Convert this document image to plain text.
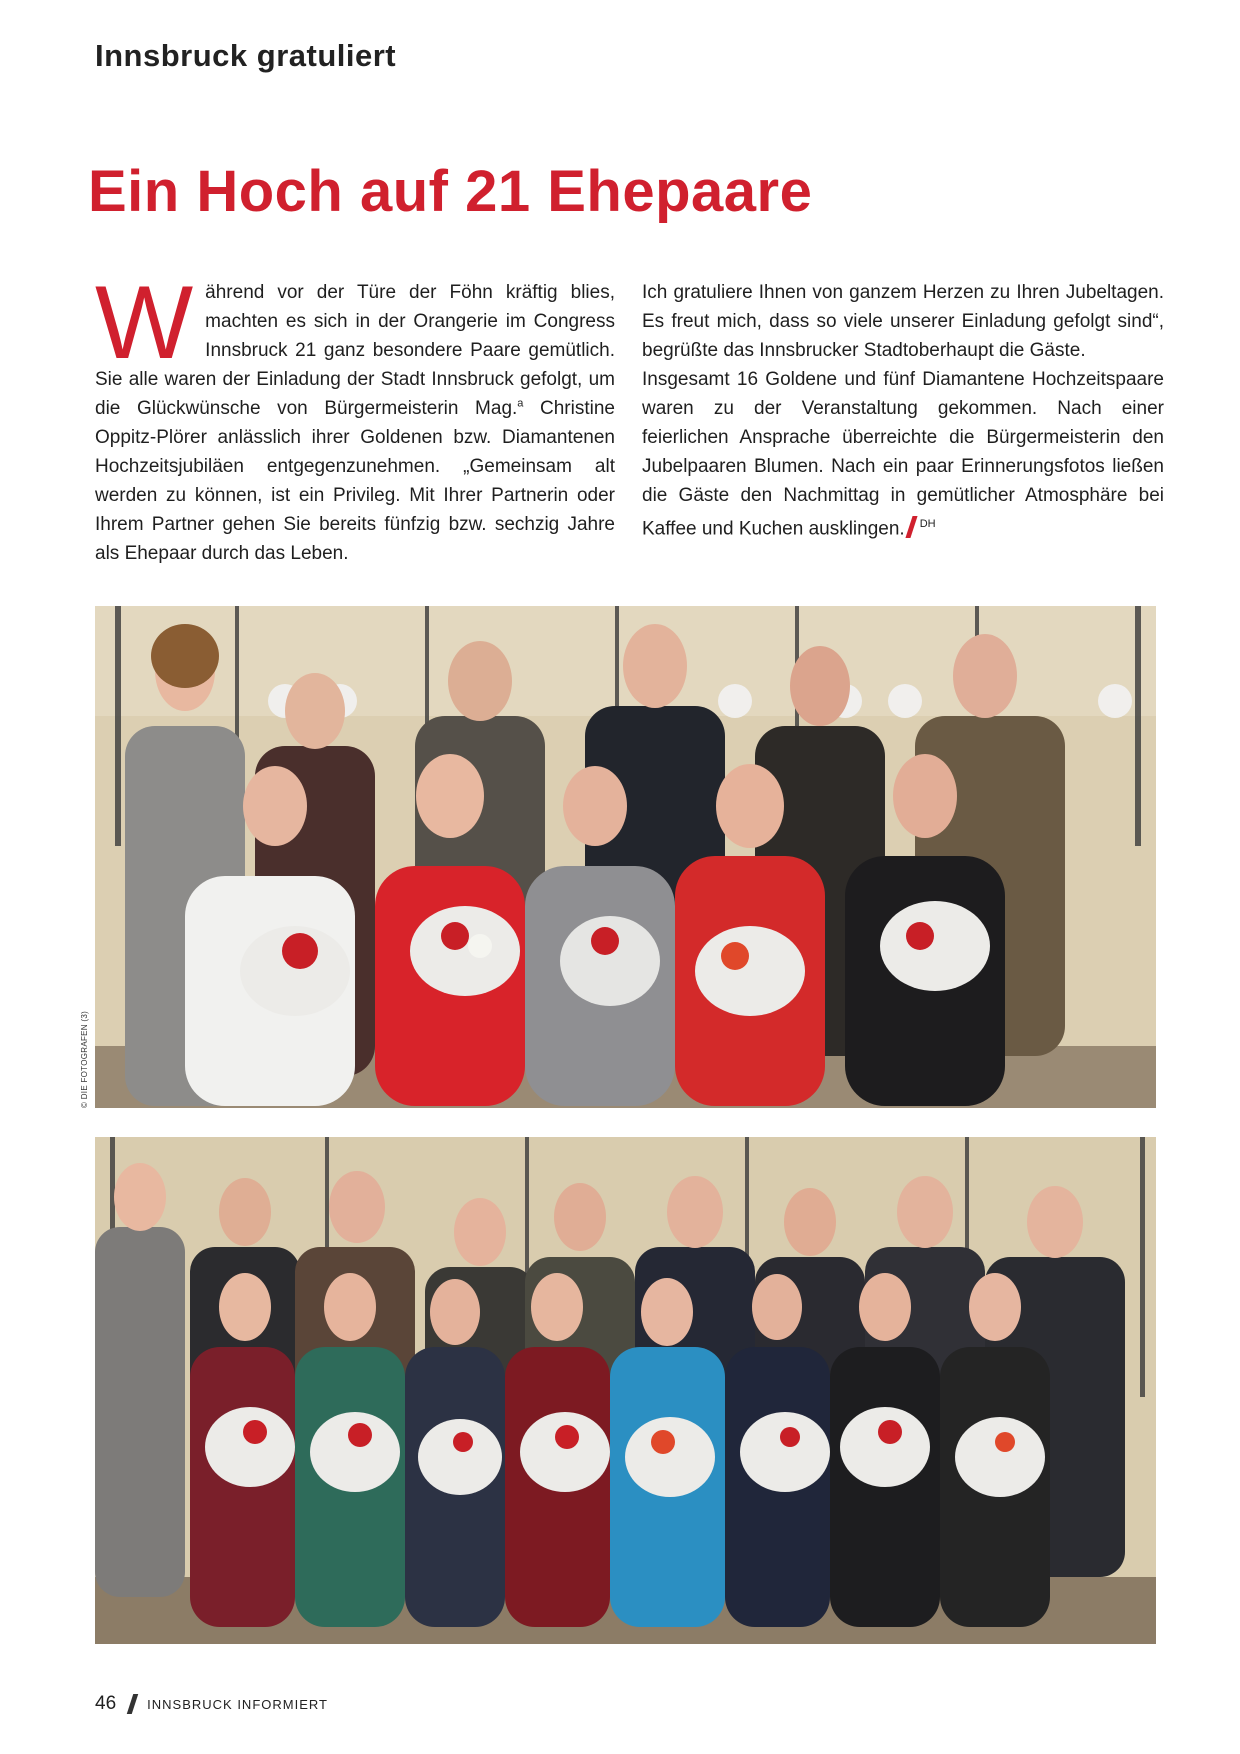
Innsbruck gratuliert
Ein Hoch auf 21 Ehepaare

Während vor der Türe der Föhn kräftig blies, machten es sich in der Orangerie im Congress Innsbruck 21 ganz besondere Paare gemütlich. Sie alle waren der Einladung der Stadt Innsbruck gefolgt, um die Glückwünsche von Bürgermeisterin Mag.$^a$ Christine Oppitz-Plörer anlässlich ihrer Goldenen bzw. Diamantenen Hochzeitsjubiläen entgegenzunehmen. „Gemeinsam alt werden zu können, ist ein Privileg. Mit Ihrer Partnerin oder Ihrem Partner gehen Sie bereits fünfzig bzw. sechzig Jahre als Ehepaar durch das Leben.

Ich gratuliere Ihnen von ganzem Herzen zu Ihren Jubeltagen. Es freut mich, dass so viele unserer Einladung gefolgt sind“, begrüßte das Innsbrucker Stadtoberhaupt die Gäste.

Insgesamt 16 Goldene und fünf Diamantene Hochzeitspaare waren zu der Veranstaltung gekommen. Nach einer feierlichen Ansprache überreichte die Bürgermeisterin den Jubelpaaren Blumen. Nach ein paar Erinnerungsfotos ließen die Gäste den Nachmittag in gemütlicher Atmosphäre bei Kaffee und Kuchen ausklingen. $^{DH}$

© DIE FOTOGRAFEN (3)
46 INNSBRUCK INFORMIERT
